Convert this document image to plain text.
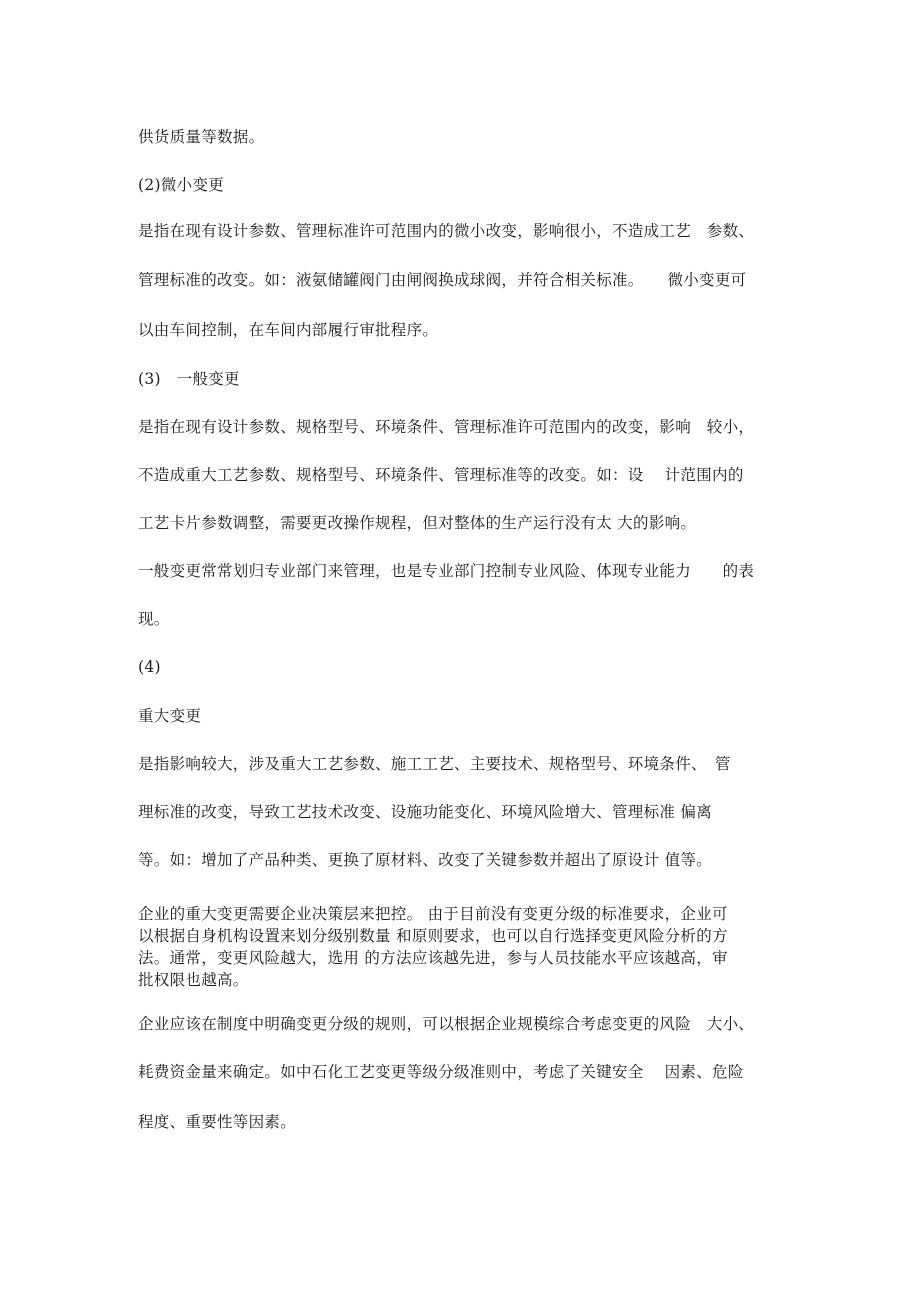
供货质量等数据。

(2)微小变更

是指在现有设计参数、管理标准许可范围内的微小改变，影响很小，不造成工艺　参数、

管理标准的改变。如：液氨储罐阀门由闸阀换成球阀，并符合相关标准。　　微小变更可

以由车间控制，在车间内部履行审批程序。

(3)　一般变更

是指在现有设计参数、规格型号、环境条件、管理标准许可范围内的改变，影响　较小，

不造成重大工艺参数、规格型号、环境条件、管理标准等的改变。如：设　 计范围内的

工艺卡片参数调整，需要更改操作规程，但对整体的生产运行没有太 大的影响。

一般变更常常划归专业部门来管理，也是专业部门控制专业风险、体现专业能力　　的表

现。

(4)

重大变更

是指影响较大，涉及重大工艺参数、施工工艺、主要技术、规格型号、环境条件、　管

理标准的改变，导致工艺技术改变、设施功能变化、环境风险增大、管理标准 偏离

等。如：增加了产品种类、更换了原材料、改变了关键参数并超出了原设计 值等。

企业的重大变更需要企业决策层来把控。 由于目前没有变更分级的标准要求，企业可

以根据自身机构设置来划分级别数量 和原则要求，也可以自行选择变更风险分析的方

法。通常，变更风险越大，选用 的方法应该越先进，参与人员技能水平应该越高，审

批权限也越高。

企业应该在制度中明确变更分级的规则，可以根据企业规模综合考虑变更的风险　大小、

耗费资金量来确定。如中石化工艺变更等级分级准则中，考虑了关键安全　 因素、危险

程度、重要性等因素。
